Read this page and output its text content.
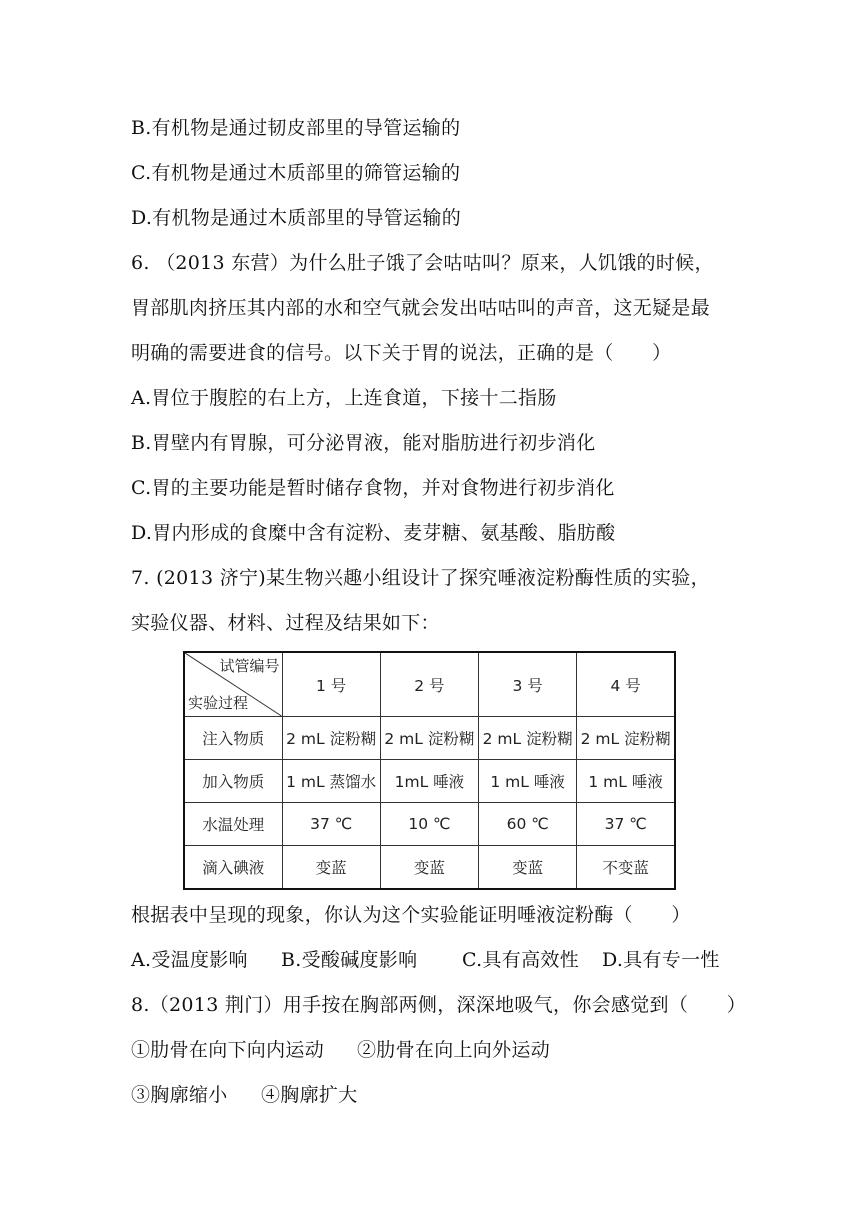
B.有机物是通过韧皮部里的导管运输的
C.有机物是通过木质部里的筛管运输的
D.有机物是通过木质部里的导管运输的
6. （2013 东营）为什么肚子饿了会咕咕叫？原来，人饥饿的时候，
胃部肌肉挤压其内部的水和空气就会发出咕咕叫的声音，这无疑是最
明确的需要进食的信号。以下关于胃的说法，正确的是（　　）
A.胃位于腹腔的右上方，上连食道，下接十二指肠
B.胃壁内有胃腺，可分泌胃液，能对脂肪进行初步消化
C.胃的主要功能是暂时储存食物，并对食物进行初步消化
D.胃内形成的食糜中含有淀粉、麦芽糖、氨基酸、脂肪酸
7. (2013 济宁)某生物兴趣小组设计了探究唾液淀粉酶性质的实验，
实验仪器、材料、过程及结果如下：
试管编号
实验过程	1 号	2 号	3 号	4 号
注入物质	2 mL 淀粉糊	2 mL 淀粉糊	2 mL 淀粉糊	2 mL 淀粉糊
加入物质	1 mL 蒸馏水	1mL 唾液	1 mL 唾液	1 mL 唾液
水温处理	37 ℃	10 ℃	60 ℃	37 ℃
滴入碘液	变蓝	变蓝	变蓝	不变蓝
根据表中呈现的现象，你认为这个实验能证明唾液淀粉酶（　　）
A.受温度影响 B.受酸碱度影响 C.具有高效性 D.具有专一性
8.（2013 荆门）用手按在胸部两侧，深深地吸气，你会感觉到（　　）
①肋骨在向下向内运动 ②肋骨在向上向外运动
③胸廓缩小 ④胸廓扩大
